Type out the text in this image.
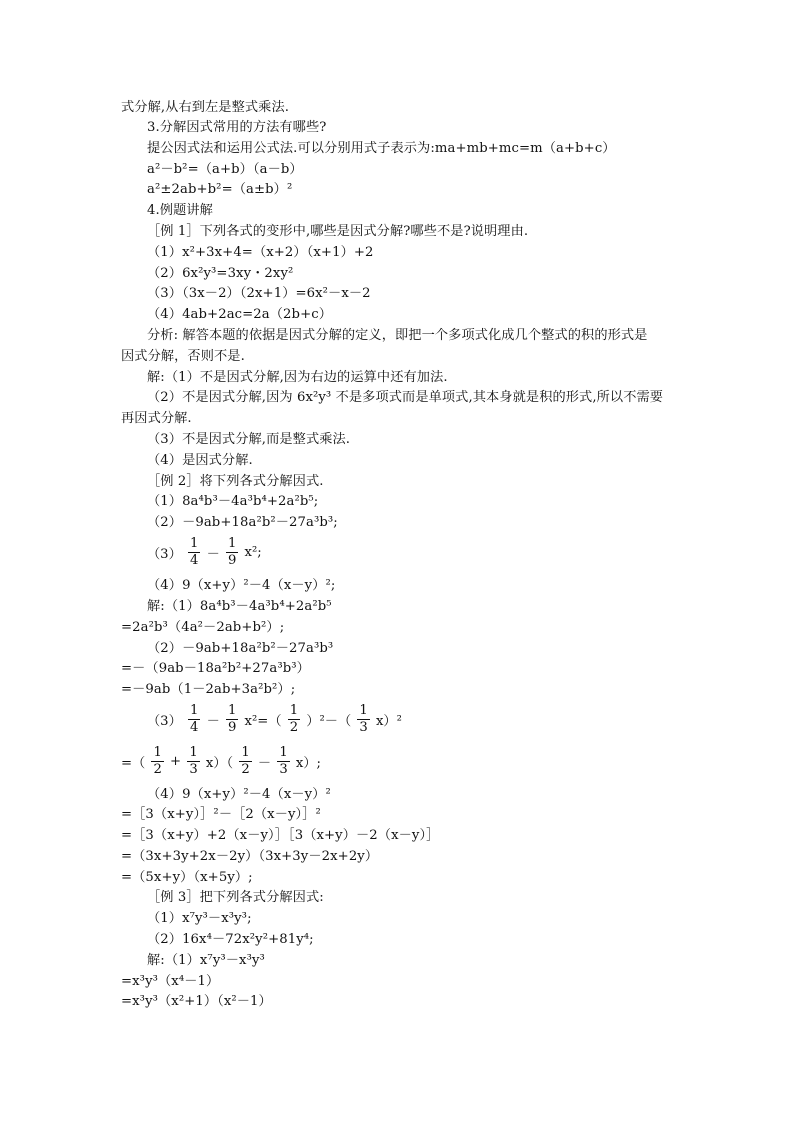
式分解,从右到左是整式乘法.
3.分解因式常用的方法有哪些?
提公因式法和运用公式法.可以分别用式子表示为:ma+mb+mc=m（a+b+c）
a²－b²=（a+b）（a－b）
a²±2ab+b²=（a±b）²
4.例题讲解
［例 1］下列各式的变形中,哪些是因式分解?哪些不是?说明理由.
（1）x²+3x+4=（x+2）（x+1）+2
（2）6x²y³=3xy・2xy²
（3）（3x－2）（2x+1）=6x²－x－2
（4）4ab+2ac=2a（2b+c）
分析: 解答本题的依据是因式分解的定义，即把一个多项式化成几个整式的积的形式是
因式分解，否则不是.
解:（1）不是因式分解,因为右边的运算中还有加法.
（2）不是因式分解,因为 6x²y³ 不是多项式而是单项式,其本身就是积的形式,所以不需要
再因式分解.
（3）不是因式分解,而是整式乘法.
（4）是因式分解.
［例 2］将下列各式分解因式.
（1）8a⁴b³－4a³b⁴+2a²b⁵;
（2）－9ab+18a²b²－27a³b³;
$(3) \frac{1}{4} - \frac{1}{9} x^2$;
（4）9（x+y）²－4（x－y）²;
解:（1）8a⁴b³－4a³b⁴+2a²b⁵
=2a²b³（4a²－2ab+b²）;
（2）－9ab+18a²b²－27a³b³
=－（9ab－18a²b²+27a³b³）
=－9ab（1－2ab+3a²b²）;
$(3) \frac{1}{4} - \frac{1}{9} x^2=( \frac{1}{2} )^2-( \frac{1}{3} x)^2$
=（ $\frac{1}{2} + \frac{1}{3} x)( \frac{1}{2} - \frac{1}{3} x)$;
（4）9（x+y）²－4（x－y）²
=［3（x+y）］²－［2（x－y）］²
=［3（x+y）+2（x－y）］［3（x+y）－2（x－y）］
=（3x+3y+2x－2y）（3x+3y－2x+2y）
=（5x+y）（x+5y）;
［例 3］把下列各式分解因式:
（1）x⁷y³－x³y³;
（2）16x⁴－72x²y²+81y⁴;
解:（1）x⁷y³－x³y³
=x³y³（x⁴－1）
=x³y³（x²+1）（x²－1）
